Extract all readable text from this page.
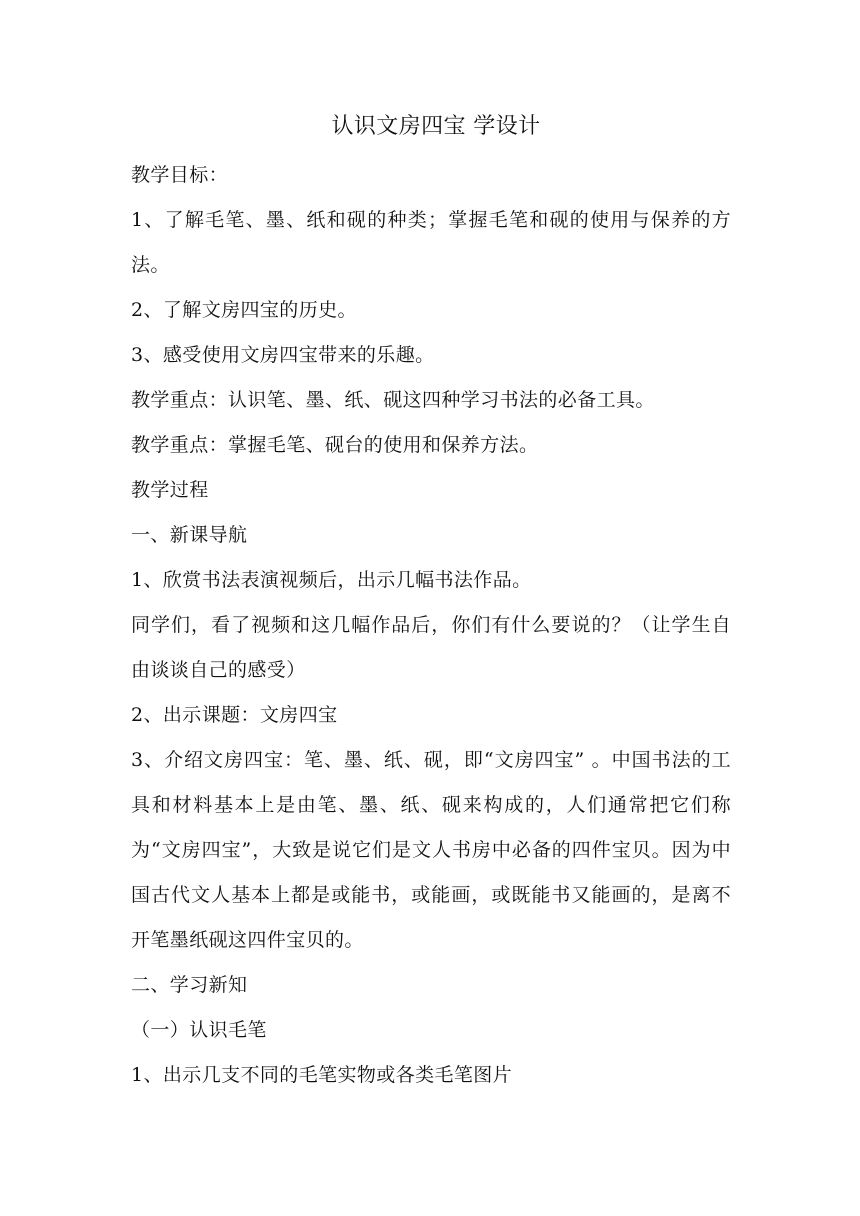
认识文房四宝 学设计

教学目标：

1、了解毛笔、墨、纸和砚的种类；掌握毛笔和砚的使用与保养的方法。

2、了解文房四宝的历史。

3、感受使用文房四宝带来的乐趣。

教学重点：认识笔、墨、纸、砚这四种学习书法的必备工具。

教学重点：掌握毛笔、砚台的使用和保养方法。

教学过程

一、新课导航

1、欣赏书法表演视频后，出示几幅书法作品。

同学们，看了视频和这几幅作品后，你们有什么要说的？（让学生自由谈谈自己的感受）

2、出示课题：文房四宝

3、介绍文房四宝：笔、墨、纸、砚，即“文房四宝” 。中国书法的工具和材料基本上是由笔、墨、纸、砚来构成的，人们通常把它们称为“文房四宝”，大致是说它们是文人书房中必备的四件宝贝。因为中国古代文人基本上都是或能书，或能画，或既能书又能画的，是离不开笔墨纸砚这四件宝贝的。

二、学习新知

（一）认识毛笔

1、出示几支不同的毛笔实物或各类毛笔图片
